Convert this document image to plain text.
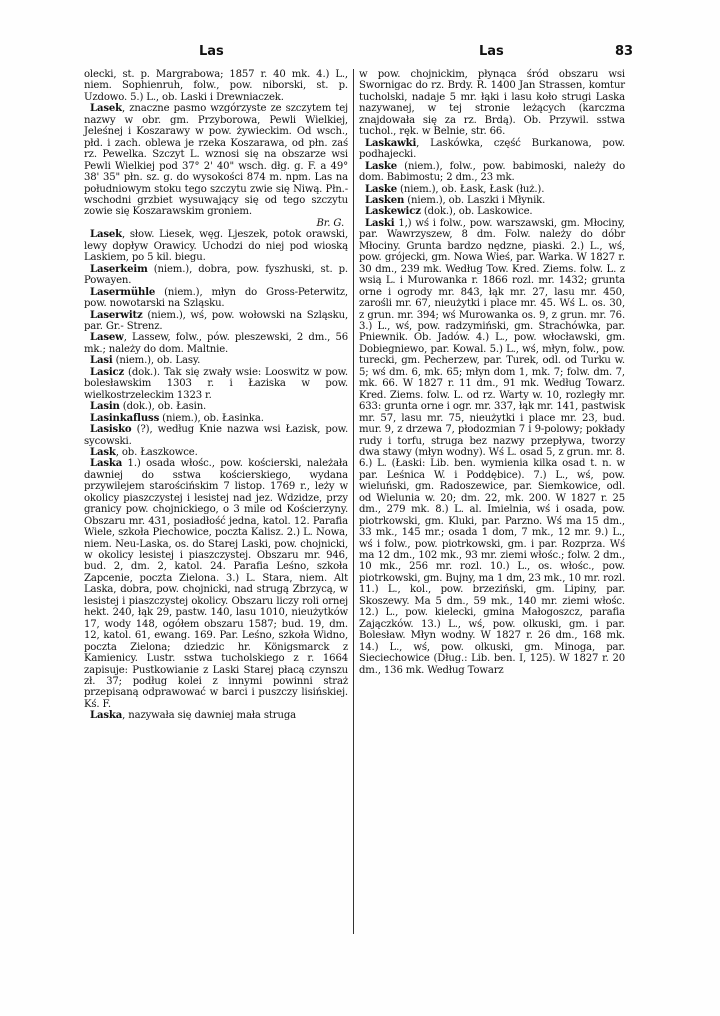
Las	Las	83

olecki, st. p. Margrabowa; 1857 r. 40 mk. 4.) L., niem. Sophienruh, folw., pow. niborski, st. p. Uzdowo. 5.) L., ob. Laski i Drewniaczek.

Lasek, znaczne pasmo wzgórzyste ze szczytem tej nazwy w obr. gm. Przyborowa, Pewli Wielkiej, Jeleśnej i Koszarawy w pow. żywieckim. Od wsch., płd. i zach. oblewa je rzeka Koszarawa, od płn. zaś rz. Pewelka. Szczyt L. wznosi się na obszarze wsi Pewli Wielkiej pod 37° 2' 40" wsch. dłg. g. F. a 49° 38' 35" płn. sz. g. do wysokości 874 m. npm. Las na południowym stoku tego szczytu zwie się Niwą. Płn.-wschodni grzbiet wysuwający się od tego szczytu zowie się Koszarawskim groniem.

Br. G.

Lasek, słow. Liesek, węg. Ljeszek, potok orawski, lewy dopływ Orawicy. Uchodzi do niej pod wioską Laskiem, po 5 kil. biegu.

Laserkeim (niem.), dobra, pow. fyszhuski, st. p. Powayen.

Lasermühle (niem.), młyn do Gross-Peterwitz, pow. nowotarski na Szląsku.

Laserwitz (niem.), wś, pow. wołowski na Szląsku, par. Gr.- Strenz.

Lasew, Lassew, folw., pów. pleszewski, 2 dm., 56 mk.; należy do dom. Maltnie.

Lasi (niem.), ob. Lasy.

Lasicz (dok.). Tak się zwały wsie: Looswitz w pow. bolesławskim 1303 r. i Łaziska w pow. wielkostrzeleckim 1323 r.

Lasin (dok.), ob. Łasin.

Lasinkafluss (niem.), ob. Łasinka.

Lasisko (?), według Knie nazwa wsi Łazisk, pow. sycowski.

Lask, ob. Łaszkowce.

Laska 1.) osada włośc., pow. kościerski, należała dawniej do sstwa kościerskiego, wydana przywilejem starościńskim 7 listop. 1769 r., leży w okolicy piaszczystej i lesistej nad jez. Wdzidze, przy granicy pow. chojnickiego, o 3 mile od Kościerzyny. Obszaru mr. 431, posiadłość jedna, katol. 12. Parafia Wiele, szkoła Piechowice, poczta Kalisz. 2.) L. Nowa, niem. Neu-Laska, os. do Starej Laski, pow. chojnicki, w okolicy lesistej i piaszczystej. Obszaru mr. 946, bud. 2, dm. 2, katol. 24. Parafia Leśno, szkoła Zapcenie, poczta Zielona. 3.) L. Stara, niem. Alt Laska, dobra, pow. chojnicki, nad strugą Zbrzycą, w lesistej i piaszczystej okolicy. Obszaru liczy roli ornej hekt. 240, łąk 29, pastw. 140, lasu 1010, nieużytków 17, wody 148, ogółem obszaru 1587; bud. 19, dm. 12, katol. 61, ewang. 169. Par. Leśno, szkoła Widno, poczta Zielona; dziedzic hr. Königsmarck z Kamienicy. Lustr. sstwa tucholskiego z r. 1664 zapisuje: Pustkowianie z Laski Starej płacą czynszu zł. 37; podług kolei z innymi powinni straż przepisaną odprawować w barci i puszczy lisińskiej. Kś. F.

Laska, nazywała się dawniej mała struga

w pow. chojnickim, płynąca śród obszaru wsi Swornigac do rz. Brdy. R. 1400 Jan Strassen, komtur tucholski, nadaje 5 mr. łąki i lasu koło strugi Laska nazywanej, w tej stronie leżących (karczma znajdowała się za rz. Brdą). Ob. Przywil. sstwa tuchol., ręk. w Belnie, str. 66.

Laskawki, Laskówka, część Burkanowa, pow. podhajecki.

Laske (niem.), folw., pow. babimoski, należy do dom. Babimostu; 2 dm., 23 mk.

Laske (niem.), ob. Łask, Łask (łuż.).

Lasken (niem.), ob. Laszki i Młynik.

Laskewicz (dok.), ob. Laskowice.

Laski 1,) wś i folw., pow. warszawski, gm. Młociny, par. Wawrzyszew, 8 dm. Folw. należy do dóbr Młociny. Grunta bardzo nędzne, piaski. 2.) L., wś, pow. grójecki, gm. Nowa Wieś, par. Warka. W 1827 r. 30 dm., 239 mk. Według Tow. Kred. Ziems. folw. L. z wsią L. i Murowanka r. 1866 rozl. mr. 1432; grunta orne i ogrody mr. 843, łąk mr. 27, lasu mr. 450, zarośli mr. 67, nieużytki i place mr. 45. Wś L. os. 30, z grun. mr. 394; wś Murowanka os. 9, z grun. mr. 76. 3.) L., wś, pow. radzymiński, gm. Strachówka, par. Pniewnik. Ob. Jadów. 4.) L., pow. włocławski, gm. Dobiegniewo, par. Kowal. 5.) L., wś, młyn, folw., pow. turecki, gm. Pecherzew, par. Turek, odl. od Turku w. 5; wś dm. 6, mk. 65; młyn dom 1, mk. 7; folw. dm. 7, mk. 66. W 1827 r. 11 dm., 91 mk. Według Towarz. Kred. Ziems. folw. L. od rz. Warty w. 10, rozległy mr. 633: grunta orne i ogr. mr. 337, łąk mr. 141, pastwisk mr. 57, lasu mr. 75, nieużytki i place mr. 23, bud. mur. 9, z drzewa 7, płodozmian 7 i 9-polowy; pokłady rudy i torfu, struga bez nazwy przepływa, tworzy dwa stawy (młyn wodny). Wś L. osad 5, z grun. mr. 8. 6.) L. (Łaski: Lib. ben. wymienia kilka osad t. n. w par. Leśnica W. i Poddębice). 7.) L., wś, pow. wieluński, gm. Radoszewice, par. Siemkowice, odl. od Wielunia w. 20; dm. 22, mk. 200. W 1827 r. 25 dm., 279 mk. 8.) L. al. Imielnia, wś i osada, pow. piotrkowski, gm. Kluki, par. Parzno. Wś ma 15 dm., 33 mk., 145 mr.; osada 1 dom, 7 mk., 12 mr. 9.) L., wś i folw., pow. piotrkowski, gm. i par. Rozprza. Wś ma 12 dm., 102 mk., 93 mr. ziemi włośc.; folw. 2 dm., 10 mk., 256 mr. rozl. 10.) L., os. włośc., pow. piotrkowski, gm. Bujny, ma 1 dm, 23 mk., 10 mr. rozl. 11.) L., kol., pow. brzeziński, gm. Lipiny, par. Skoszewy. Ma 5 dm., 59 mk., 140 mr. ziemi włośc. 12.) L., pow. kielecki, gmina Małogoszcz, parafia Zajączków. 13.) L., wś, pow. olkuski, gm. i par. Bolesław. Młyn wodny. W 1827 r. 26 dm., 168 mk. 14.) L., wś, pow. olkuski, gm. Minoga, par. Sieciechowice (Dług.: Lib. ben. I, 125). W 1827 r. 20 dm., 136 mk. Według Towarz
